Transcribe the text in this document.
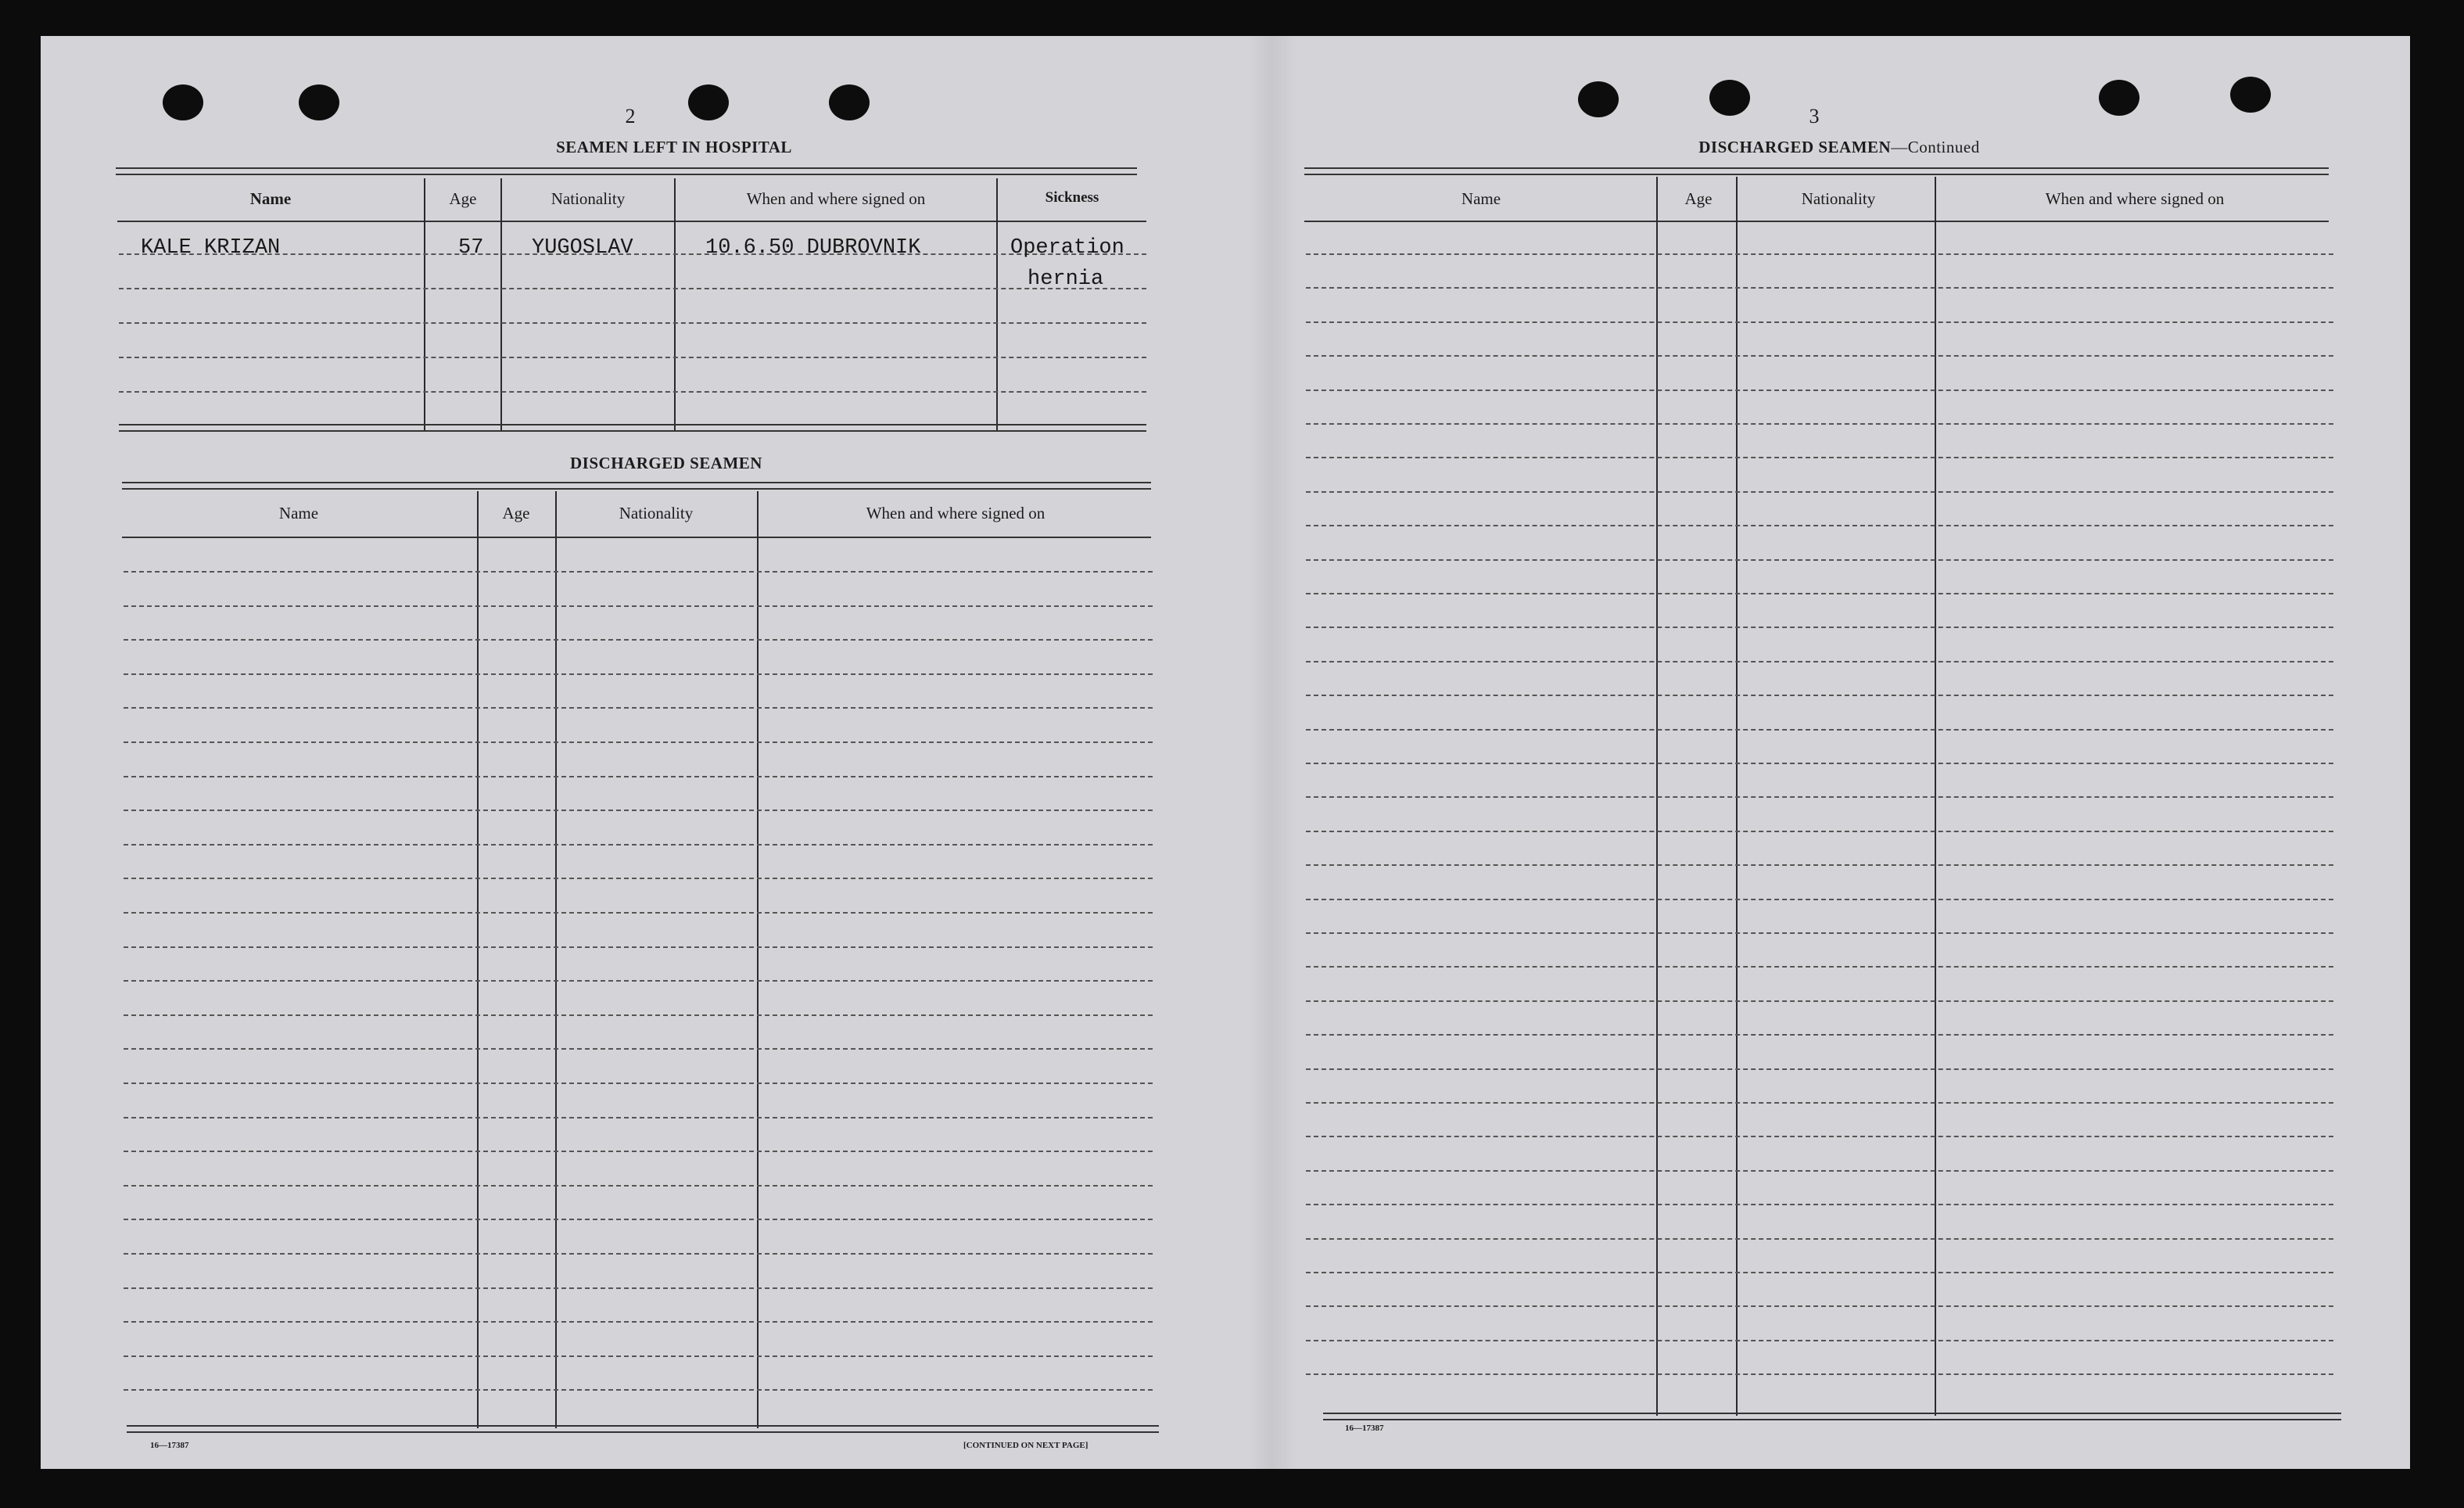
2
SEAMEN LEFT IN HOSPITAL
Name	Age	Nationality	When and where signed on	Sickness
KALE KRIZAN	57 YUGOSLAV	10.6.50 DUBROVNIK	Operation
hernia
DISCHARGED SEAMEN
Name	Age	Nationality	When and where signed on
16—17387	[CONTINUED ON NEXT PAGE]
3
DISCHARGED SEAMEN—Continued
Name	Age	Nationality	When and where signed on
16—17387
